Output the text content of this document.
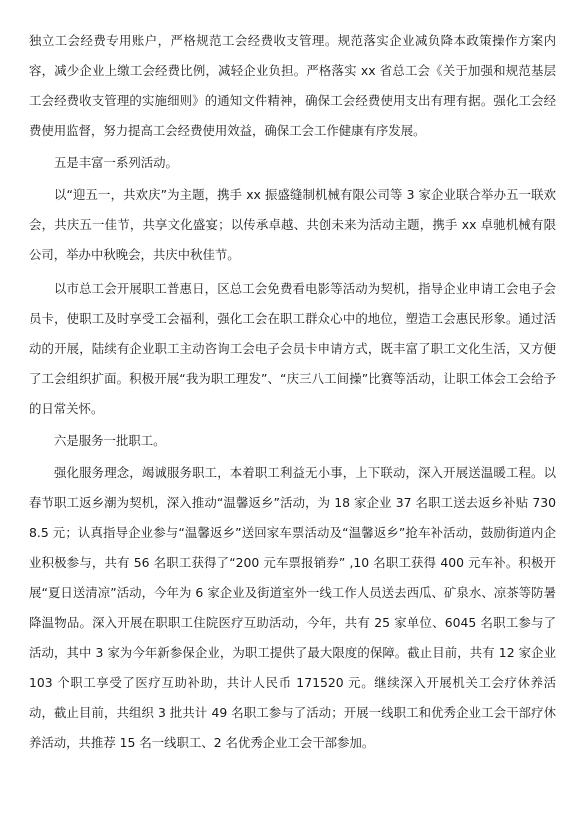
独立工会经费专用账户，严格规范工会经费收支管理。规范落实企业减负降本政策操作方案内容，减少企业上缴工会经费比例，减轻企业负担。严格落实 xx 省总工会《关于加强和规范基层工会经费收支管理的实施细则》的通知文件精神，确保工会经费使用支出有理有据。强化工会经费使用监督，努力提高工会经费使用效益，确保工会工作健康有序发展。

五是丰富一系列活动。

以“迎五一，共欢庆”为主题，携手 xx 振盛缝制机械有限公司等 3 家企业联合举办五一联欢会，共庆五一佳节，共享文化盛宴；以传承卓越、共创未来为活动主题，携手 xx 卓驰机械有限公司，举办中秋晚会，共庆中秋佳节。

以市总工会开展职工普惠日，区总工会免费看电影等活动为契机，指导企业申请工会电子会员卡，使职工及时享受工会福利，强化工会在职工群众心中的地位，塑造工会惠民形象。通过活动的开展，陆续有企业职工主动咨询工会电子会员卡申请方式，既丰富了职工文化生活，又方便了工会组织扩面。积极开展“我为职工理发”、“庆三八工间操”比赛等活动，让职工体会工会给予的日常关怀。

六是服务一批职工。

强化服务理念，竭诚服务职工，本着职工利益无小事，上下联动，深入开展送温暖工程。以春节职工返乡潮为契机，深入推动“温馨返乡”活动，为 18 家企业 37 名职工送去返乡补贴 7308.5 元；认真指导企业参与“温馨返乡”送回家车票活动及“温馨返乡”抢车补活动，鼓励街道内企业积极参与，共有 56 名职工获得了“200 元车票报销券” ,10 名职工获得 400 元车补。积极开展“夏日送清凉”活动，今年为 6 家企业及街道室外一线工作人员送去西瓜、矿泉水、凉茶等防暑降温物品。深入开展在职职工住院医疗互助活动，今年，共有 25 家单位、6045 名职工参与了活动，其中 3 家为今年新参保企业，为职工提供了最大限度的保障。截止目前，共有 12 家企业 103 个职工享受了医疗互助补助，共计人民币 171520 元。继续深入开展机关工会疗休养活动，截止目前，共组织 3 批共计 49 名职工参与了活动；开展一线职工和优秀企业工会干部疗休养活动，共推荐 15 名一线职工、2 名优秀企业工会干部参加。
